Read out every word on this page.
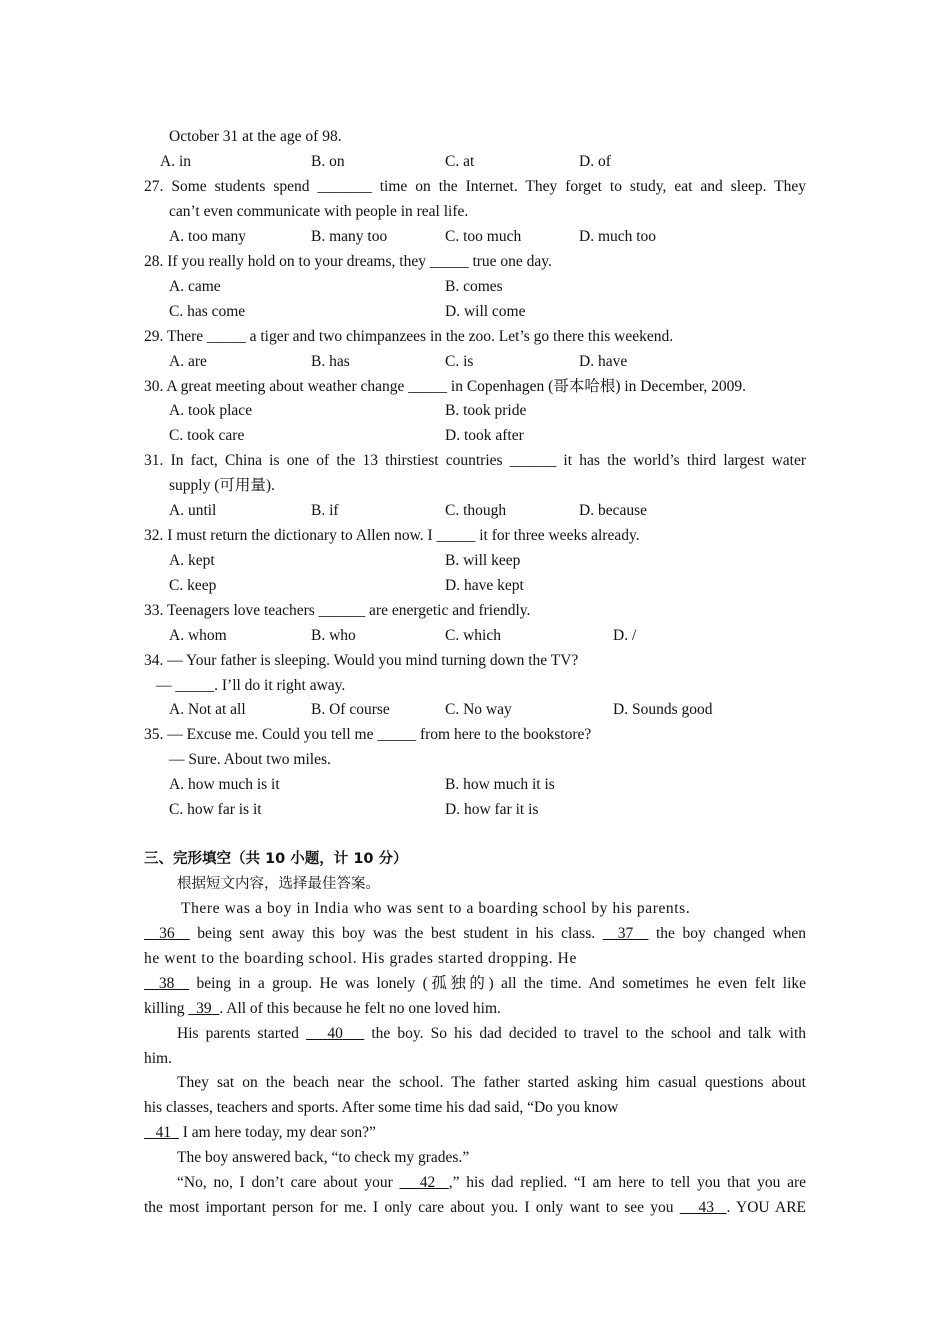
October 31 at the age of 98.
A. in	B. on	C. at	D. of
27. Some students spend _______ time on the Internet. They forget to study, eat and sleep. They
can’t even communicate with people in real life.
A. too many	B. many too	C. too much	D. much too
28. If you really hold on to your dreams, they _____ true one day.
A. came	B. comes
C. has come	D. will come
29. There _____ a tiger and two chimpanzees in the zoo. Let’s go there this weekend.
A. are	B. has	C. is	D. have
30. A great meeting about weather change _____ in Copenhagen (哥本哈根) in December, 2009.
A. took place	B. took pride
C. took care	D. took after
31. In fact, China is one of the 13 thirstiest countries ______ it has the world’s third largest water
supply (可用量).
A. until	B. if	C. though	D. because
32. I must return the dictionary to Allen now. I _____ it for three weeks already.
A. kept	B. will keep
C. keep	D. have kept
33. Teenagers love teachers ______ are energetic and friendly.
A. whom	B. who	C. which	D. /
34. — Your father is sleeping. Would you mind turning down the TV?
— _____. I’ll do it right away.
A. Not at all	B. Of course	C. No way	D. Sounds good
35. — Excuse me. Could you tell me _____ from here to the bookstore?
— Sure. About two miles.
A. how much is it	B. how much it is
C. how far is it	D. how far it is
三、完形填空（共 10 小题，计 10 分）
根据短文内容，选择最佳答案。
There was a boy in India who was sent to a boarding school by his parents.
36   being sent away this boy was the best student in his class.   37   the boy changed when
he went to the boarding school. His grades started dropping. He
38   being in a group. He was lonely (孤独的) all the time. And sometimes he even felt like
killing   39 . All of this because he felt no one loved him.
His parents started    40    the boy. So his dad decided to travel to the school and talk with
him.
They sat on the beach near the school. The father started asking him casual questions about
his classes, teachers and sports. After some time his dad said, “Do you know
41   I am here today, my dear son?”
The boy answered back, “to check my grades.”
“No, no, I don’t care about your    42 ,” his dad replied. “I am here to tell you that you are
the most important person for me. I only care about you. I only want to see you    43 . YOU ARE
